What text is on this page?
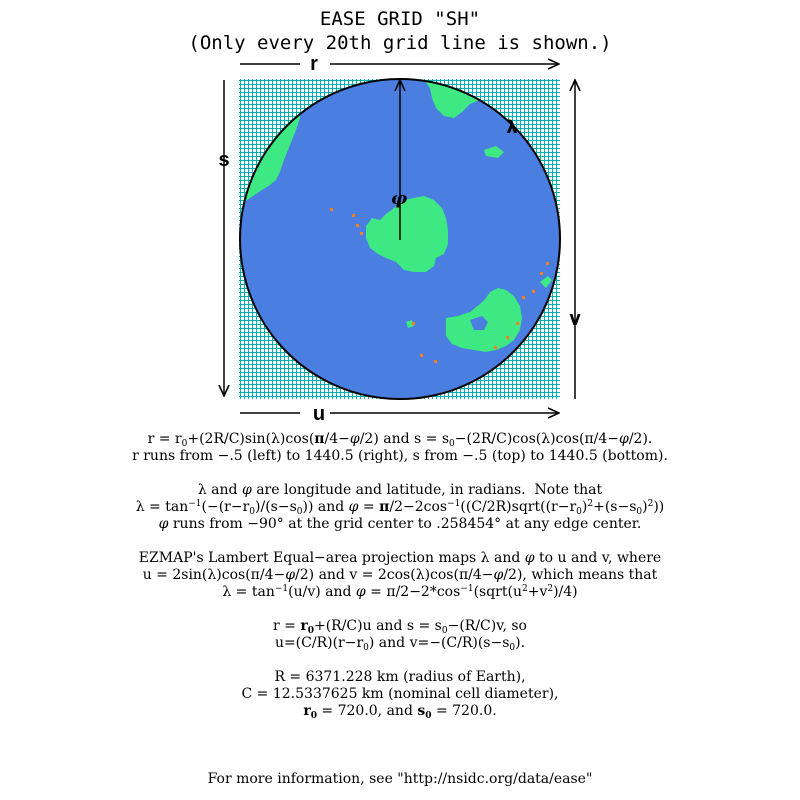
EASE GRID "SH"
(Only every 20th grid line is shown.)
r
s
u
v
λ
φ

$r = r_0+(2R/C)\sin(\lambda)\cos(\pi/4-\varphi/2)$ and $s = s_0-(2R/C)\cos(\lambda)\cos(\pi/4-\varphi/2)$.

r runs from −.5 (left) to 1440.5 (right), s from −.5 (top) to 1440.5 (bottom).

λ and φ are longitude and latitude, in radians.  Note that

$\lambda = \tan^{-1}(-(r-r_0)/(s-s_0))$ and $\varphi = \pi/2-2\cos^{-1}((C/2R)sqrt((r-r_0)^2+(s-s_0)^2))$

φ runs from −90° at the grid center to .258454° at any edge center.

EZMAP's Lambert Equal−area projection maps λ and φ to u and v, where

u = 2sin(λ)cos(π/4−φ/2) and v = 2cos(λ)cos(π/4−φ/2), which means that

$\lambda = \tan^{-1}(u/v)$ and $\varphi = \pi/2-2*\cos^{-1}(sqrt(u^2+v^2)/4)$

$r = r_0+(R/C)u$ and $s = s_0-(R/C)v$, so

$u=(C/R)(r-r_0)$ and $v=-(C/R)(s-s_0)$.

R = 6371.228 km (radius of Earth),

C = 12.5337625 km (nominal cell diameter),

$r_0 = 720.0$, and $s_0 = 720.0$.

For more information, see "http://nsidc.org/data/ease"
